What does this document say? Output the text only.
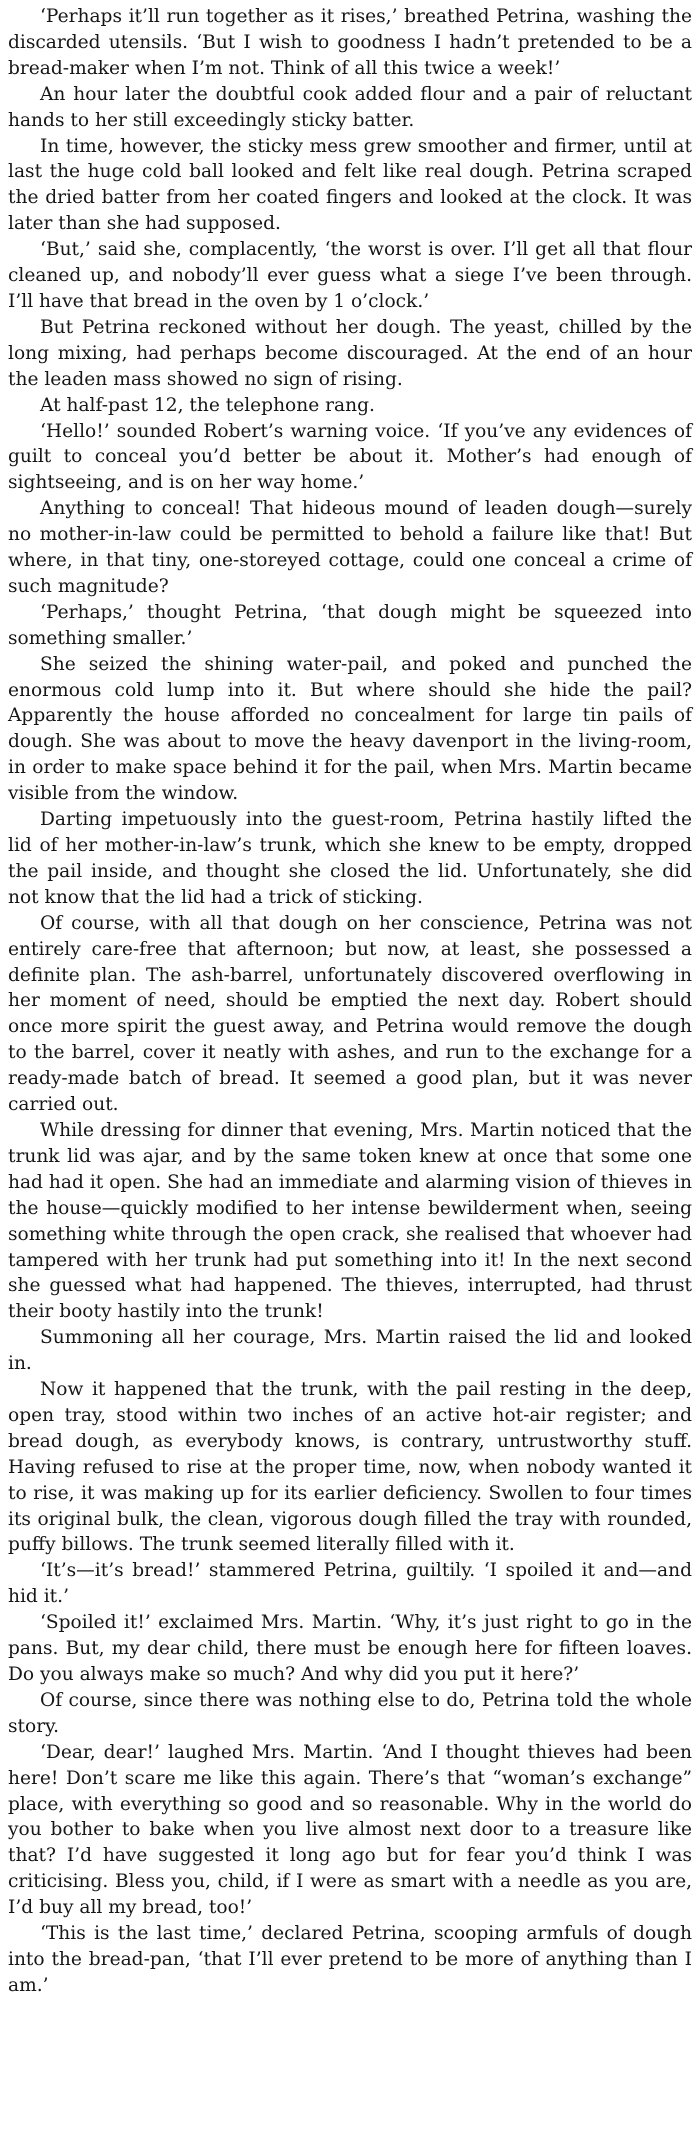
‘Perhaps it’ll run together as it rises,’ breathed Petrina, washing the discarded utensils. ‘But I wish to goodness I hadn’t pretended to be a bread-maker when I’m not. Think of all this twice a week!’

An hour later the doubtful cook added flour and a pair of reluctant hands to her still exceedingly sticky batter.

In time, however, the sticky mess grew smoother and firmer, until at last the huge cold ball looked and felt like real dough. Petrina scraped the dried batter from her coated fingers and looked at the clock. It was later than she had supposed.

‘But,’ said she, complacently, ‘the worst is over. I’ll get all that flour cleaned up, and nobody’ll ever guess what a siege I’ve been through. I’ll have that bread in the oven by 1 o’clock.’

But Petrina reckoned without her dough. The yeast, chilled by the long mixing, had perhaps become discouraged. At the end of an hour the leaden mass showed no sign of rising.

At half-past 12, the telephone rang.

‘Hello!’ sounded Robert’s warning voice. ‘If you’ve any evidences of guilt to conceal you’d better be about it. Mother’s had enough of sightseeing, and is on her way home.’

Anything to conceal! That hideous mound of leaden dough—surely no mother-in-law could be permitted to behold a failure like that! But where, in that tiny, one-storeyed cottage, could one conceal a crime of such magnitude?

‘Perhaps,’ thought Petrina, ‘that dough might be squeezed into something smaller.’

She seized the shining water-pail, and poked and punched the enormous cold lump into it. But where should she hide the pail? Apparently the house afforded no concealment for large tin pails of dough. She was about to move the heavy davenport in the living-room, in order to make space behind it for the pail, when Mrs. Martin became visible from the window.

Darting impetuously into the guest-room, Petrina hastily lifted the lid of her mother-in-law’s trunk, which she knew to be empty, dropped the pail inside, and thought she closed the lid. Unfortunately, she did not know that the lid had a trick of sticking.

Of course, with all that dough on her conscience, Petrina was not entirely care-free that afternoon; but now, at least, she possessed a definite plan. The ash-barrel, unfortunately discovered overflowing in her moment of need, should be emptied the next day. Robert should once more spirit the guest away, and Petrina would remove the dough to the barrel, cover it neatly with ashes, and run to the exchange for a ready-made batch of bread. It seemed a good plan, but it was never carried out.

While dressing for dinner that evening, Mrs. Martin noticed that the trunk lid was ajar, and by the same token knew at once that some one had had it open. She had an immediate and alarming vision of thieves in the house—quickly modified to her intense bewilderment when, seeing something white through the open crack, she realised that whoever had tampered with her trunk had put something into it! In the next second she guessed what had happened. The thieves, interrupted, had thrust their booty hastily into the trunk!

Summoning all her courage, Mrs. Martin raised the lid and looked in.

Now it happened that the trunk, with the pail resting in the deep, open tray, stood within two inches of an active hot-air register; and bread dough, as everybody knows, is contrary, untrustworthy stuff. Having refused to rise at the proper time, now, when nobody wanted it to rise, it was making up for its earlier deficiency. Swollen to four times its original bulk, the clean, vigorous dough filled the tray with rounded, puffy billows. The trunk seemed literally filled with it.

‘It’s—it’s bread!’ stammered Petrina, guiltily. ‘I spoiled it and—and hid it.’

‘Spoiled it!’ exclaimed Mrs. Martin. ‘Why, it’s just right to go in the pans. But, my dear child, there must be enough here for fifteen loaves. Do you always make so much? And why did you put it here?’

Of course, since there was nothing else to do, Petrina told the whole story.

‘Dear, dear!’ laughed Mrs. Martin. ‘And I thought thieves had been here! Don’t scare me like this again. There’s that “woman’s exchange” place, with everything so good and so reasonable. Why in the world do you bother to bake when you live almost next door to a treasure like that? I’d have suggested it long ago but for fear you’d think I was criticising. Bless you, child, if I were as smart with a needle as you are, I’d buy all my bread, too!’

‘This is the last time,’ declared Petrina, scooping armfuls of dough into the bread-pan, ‘that I’ll ever pretend to be more of anything than I am.’
